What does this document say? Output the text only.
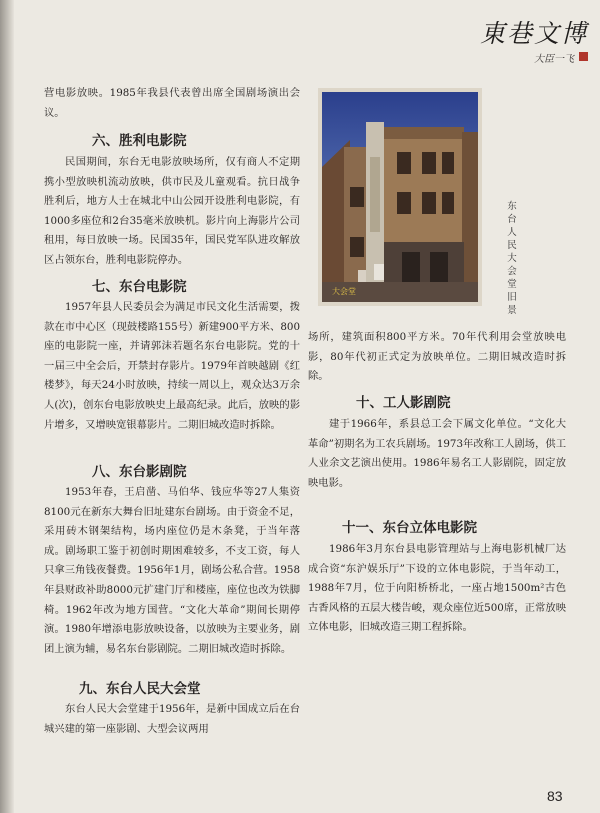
東巷文博
大臣一飞

营电影放映。1985年我县代表曾出席全国剧场演出会议。

六、胜利电影院

民国期间，东台无电影放映场所，仅有商人不定期携小型放映机流动放映，供市民及儿童观看。抗日战争胜利后，地方人士在城北中山公园开设胜利电影院，有1000多座位和2台35毫米放映机。影片向上海影片公司租用，每日放映一场。民国35年，国民党军队进攻解放区占领东台，胜利电影院停办。

七、东台电影院

1957年县人民委员会为满足市民文化生活需要，拨款在市中心区（现鼓楼路155号）新建900平方米、800座的电影院一座，并请郭沫若题名东台电影院。党的十一届三中全会后，开禁封存影片。1979年首映越剧《红楼梦》，每天24小时放映，持续一周以上，观众达3万余人(次)，创东台电影放映史上最高纪录。此后，放映的影片增多，又增映宽银幕影片。二期旧城改造时拆除。

八、东台影剧院

1953年春，王启凿、马伯华、钱应华等27人集资8100元在新东大舞台旧址建东台剧场。由于资金不足，采用砖木钢架结构，场内座位仍是木条凳，于当年落成。剧场职工鉴于初创时期困难较多，不支工资，每人只拿三角钱夜餐费。1956年1月，剧场公私合营。1958年县财政补助8000元扩建门厅和楼座，座位也改为铁脚椅。1962年改为地方国营。“文化大革命”期间长期停演。1980年增添电影放映设备，以放映为主要业务，剧团上演为辅，易名东台影剧院。二期旧城改造时拆除。

九、东台人民大会堂

东台人民大会堂建于1956年，是新中国成立后在台城兴建的第一座影剧、大型会议两用

大会堂
东台人民大会堂旧景

场所，建筑面积800平方米。70年代利用会堂放映电影，80年代初正式定为放映单位。二期旧城改造时拆除。

十、工人影剧院

建于1966年，系县总工会下属文化单位。“文化大革命”初期名为工农兵剧场。1973年改称工人剧场，供工人业余文艺演出使用。1986年易名工人影剧院，固定放映电影。

十一、东台立体电影院

1986年3月东台县电影管理站与上海电影机械厂达成合资“东沪娱乐厅”下设的立体电影院，于当年动工，1988年7月，位于向阳桥桥北，一座占地1500m²古色古香风格的五层大楼告峻，观众座位近500席，正常放映立体电影，旧城改造三期工程拆除。

83
